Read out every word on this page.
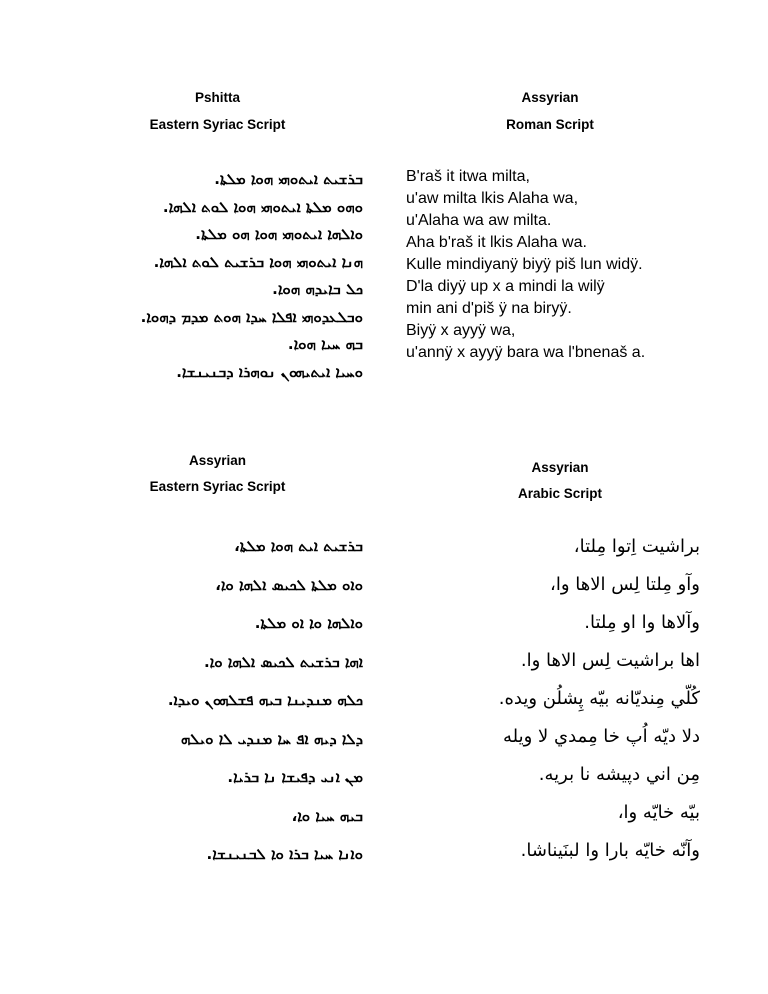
Pshitta
Eastern Syriac Script
ܒܪܫܝܬ ܐܝܬܘܗܝ ܗܘܐ ܡܠܬܐ.
ܘܗܘ ܡܠܬܐ ܐܝܬܘܗܝ ܗܘܐ ܠܘܬ ܐܠܗܐ.
ܘܐܠܗܐ ܐܝܬܘܗܝ ܗܘܐ ܗܘ ܡܠܬܐ.
ܗܢܐ ܐܝܬܘܗܝ ܗܘܐ ܒܪܫܝܬ ܠܘܬ ܐܠܗܐ.
ܟܠ ܒܐܝܕܗ ܗܘܐ.
ܘܒܠܥܕܘܗܝ ܐܦܠܐ ܚܕܐ ܗܘܬ ܡܕܡ ܕܗܘܐ.
ܒܗ ܚܝܐ ܗܘܐ.
ܘܚܝܐ ܐܝܬܝܗܘܢ ܢܘܗܪܐ ܕܒܢܝܢܫܐ.
Assyrian
Roman Script
B'raš it itwa milta,
u'aw milta lkis Alaha wa,
u'Alaha wa aw milta.
Aha b'raš it lkis Alaha wa.
Kulle mindiyanÿ biyÿ piš lun widÿ.
D'la diyÿ up x a mindi la wilÿ
min ani d'piš ÿ na biryÿ.
Biyÿ x ayyÿ wa,
u'annÿ x ayyÿ bara wa l'bnenaš a.
Assyrian
Eastern Syriac Script
ܒܪܫܝܬ ܐܝܬ ܗܘܐ ܡܠܬܐ،
ܘܐܘ ܡܠܬܐ ܠܟܝܣ ܐܠܗܐ ܘܐ،
ܘܐܠܗܐ ܘܐ ܐܘ ܡܠܬܐ.
ܐܗܐ ܒܪܫܝܬ ܠܟܝܣ ܐܠܗܐ ܘܐ.
ܟܠܗ ܡܢܕܝܢܐ ܒܝܗ ܦܫܠܗܘܢ ܘܝܕܐ.
ܕܠܐ ܕܝܗ ܐܦ ܚܐ ܡܢܕܝ ܠܐ ܘܝܠܗ
ܡܢ ܐܢܝ ܕܦܝܫܐ ܢܐ ܒܪܝܐ.
ܒܝܗ ܚܝܐ ܘܐ،
ܘܐܢܐ ܚܝܐ ܒܪܐ ܘܐ ܠܒܢܝܢܫܐ.
Assyrian
Arabic Script
براشيت اِتوا مِلتا،
وآو مِلتا لِس الاها وا،
وآلاها وا او مِلتا.
اها براشيت لِس الاها وا.
كُلّي مِنديّانه بيّه پِشلُن ويده.
دلا ديّه اُپ خا مِمدي لا ويله
مِن اني دپيشه نا بريه.
بيّه خايّه وا،
وآنّه خايّه بارا وا لبنَيناشا.
